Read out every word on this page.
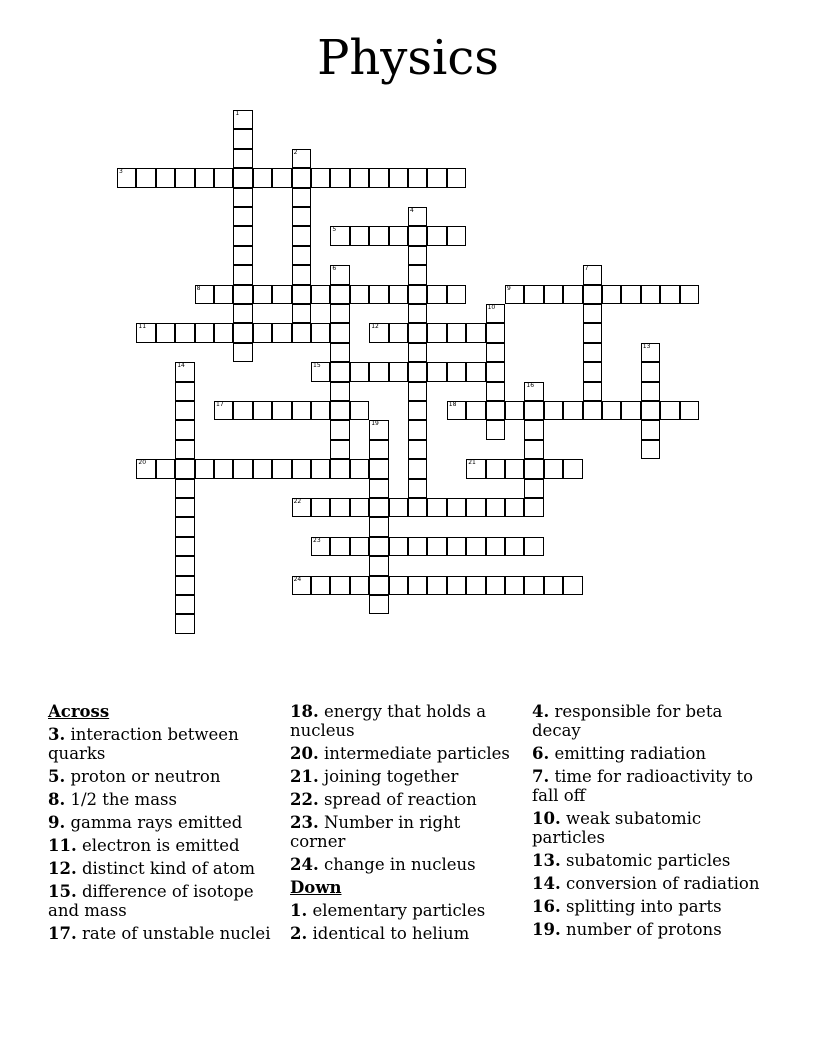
Physics
1
2
3
4
5
6	7
8	9
10
11	12
13
14	15
16
17	18
19
20	21
22
23
24
Across
3. interaction between quarks
5. proton or neutron
8. 1/2 the mass
9. gamma rays emitted
11. electron is emitted
12. distinct kind of atom
15. difference of isotope and mass
17. rate of unstable nuclei
18. energy that holds a nucleus
20. intermediate particles
21. joining together
22. spread of reaction
23. Number in right corner
24. change in nucleus
Down
1. elementary particles
2. identical to helium
4. responsible for beta decay
6. emitting radiation
7. time for radioactivity to fall off
10. weak subatomic particles
13. subatomic particles
14. conversion of radiation
16. splitting into parts
19. number of protons
